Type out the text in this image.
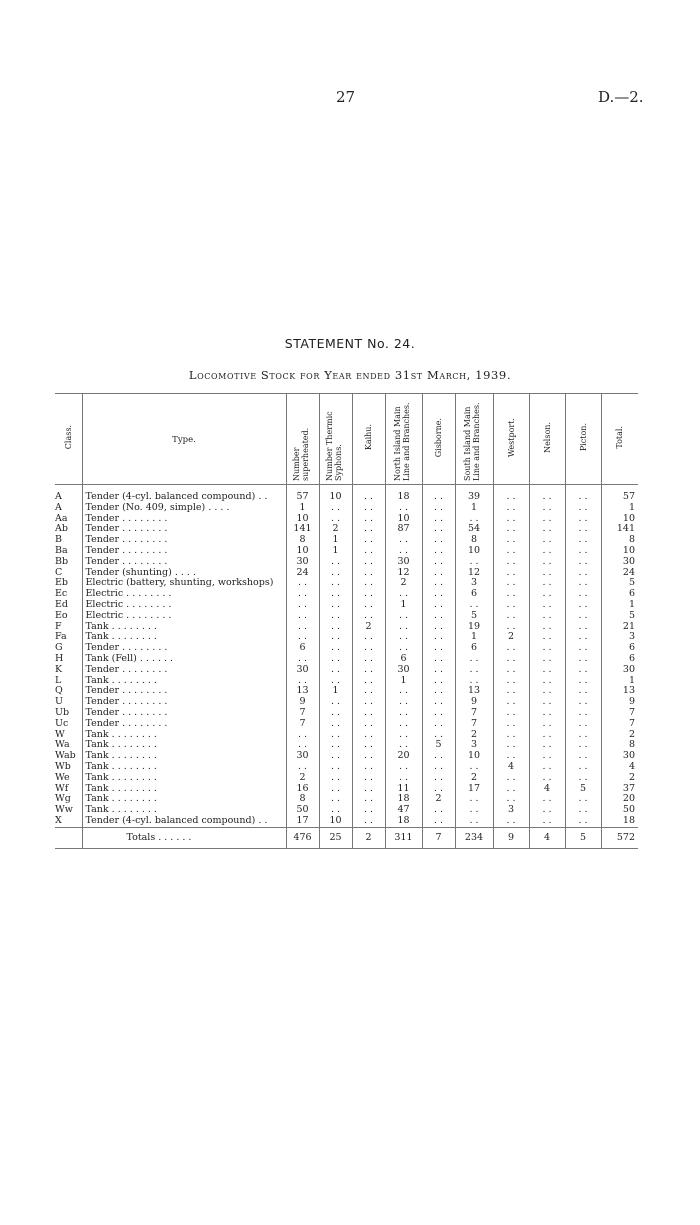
27	D.—2.
STATEMENT No. 24.
Locomotive Stock for Year ended 31st March, 1939.
Class.	Type.	Number superheated.	Number Thermic Syphons.	Kaihu.	North Island Main Line and Branches.	Gisborne.	South Island Main Line and Branches.	Westport.	Nelson.	Picton.	Total.
A	Tender (4-cyl. balanced compound) . .	57	10	. .	18	. .	39	. .	. .	. .	57
A	Tender (No. 409, simple) . . . .	1	. .	. .	. .	. .	1	. .	. .	. .	1
Aa	Tender . . . . . . . .	10	. .	. .	10	. .	. .	. .	. .	. .	10
Ab	Tender . . . . . . . .	141	2	. .	87	. .	54	. .	. .	. .	141
B	Tender . . . . . . . .	8	1	. .	. .	. .	8	. .	. .	. .	8
Ba	Tender . . . . . . . .	10	1	. .	. .	. .	10	. .	. .	. .	10
Bb	Tender . . . . . . . .	30	. .	. .	30	. .	. .	. .	. .	. .	30
C	Tender (shunting) . . . .	24	. .	. .	12	. .	12	. .	. .	. .	24
Eb	Electric (battery, shunting, workshops)	. .	. .	. .	2	. .	3	. .	. .	. .	5
Ec	Electric . . . . . . . .	. .	. .	. .	. .	. .	6	. .	. .	. .	6
Ed	Electric . . . . . . . .	. .	. .	. .	1	. .	. .	. .	. .	. .	1
Eo	Electric . . . . . . . .	. .	. .	. .	. .	. .	5	. .	. .	. .	5
F	Tank . . . . . . . .	. .	. .	2	. .	. .	19	. .	. .	. .	21
Fa	Tank . . . . . . . .	. .	. .	. .	. .	. .	1	2	. .	. .	3
G	Tender . . . . . . . .	6	. .	. .	. .	. .	6	. .	. .	. .	6
H	Tank (Fell) . . . . . .	. .	. .	. .	6	. .	. .	. .	. .	. .	6
K	Tender . . . . . . . .	30	. .	. .	30	. .	. .	. .	. .	. .	30
L	Tank . . . . . . . .	. .	. .	. .	1	. .	. .	. .	. .	. .	1
Q	Tender . . . . . . . .	13	1	. .	. .	. .	13	. .	. .	. .	13
U	Tender . . . . . . . .	9	. .	. .	. .	. .	9	. .	. .	. .	9
Ub	Tender . . . . . . . .	7	. .	. .	. .	. .	7	. .	. .	. .	7
Uc	Tender . . . . . . . .	7	. .	. .	. .	. .	7	. .	. .	. .	7
W	Tank . . . . . . . .	. .	. .	. .	. .	. .	2	. .	. .	. .	2
Wa	Tank . . . . . . . .	. .	. .	. .	. .	5	3	. .	. .	. .	8
Wab	Tank . . . . . . . .	30	. .	. .	20	. .	10	. .	. .	. .	30
Wb	Tank . . . . . . . .	. .	. .	. .	. .	. .	. .	4	. .	. .	4
We	Tank . . . . . . . .	2	. .	. .	. .	. .	2	. .	. .	. .	2
Wf	Tank . . . . . . . .	16	. .	. .	11	. .	17	. .	4	5	37
Wg	Tank . . . . . . . .	8	. .	. .	18	2	. .	. .	. .	. .	20
Ww	Tank . . . . . . . .	50	. .	. .	47	. .	. .	3	. .	. .	50
X	Tender (4-cyl. balanced compound) . .	17	10	. .	18	. .	. .	. .	. .	. .	18
	Totals . . . . . .	476	25	2	311	7	234	9	4	5	572
